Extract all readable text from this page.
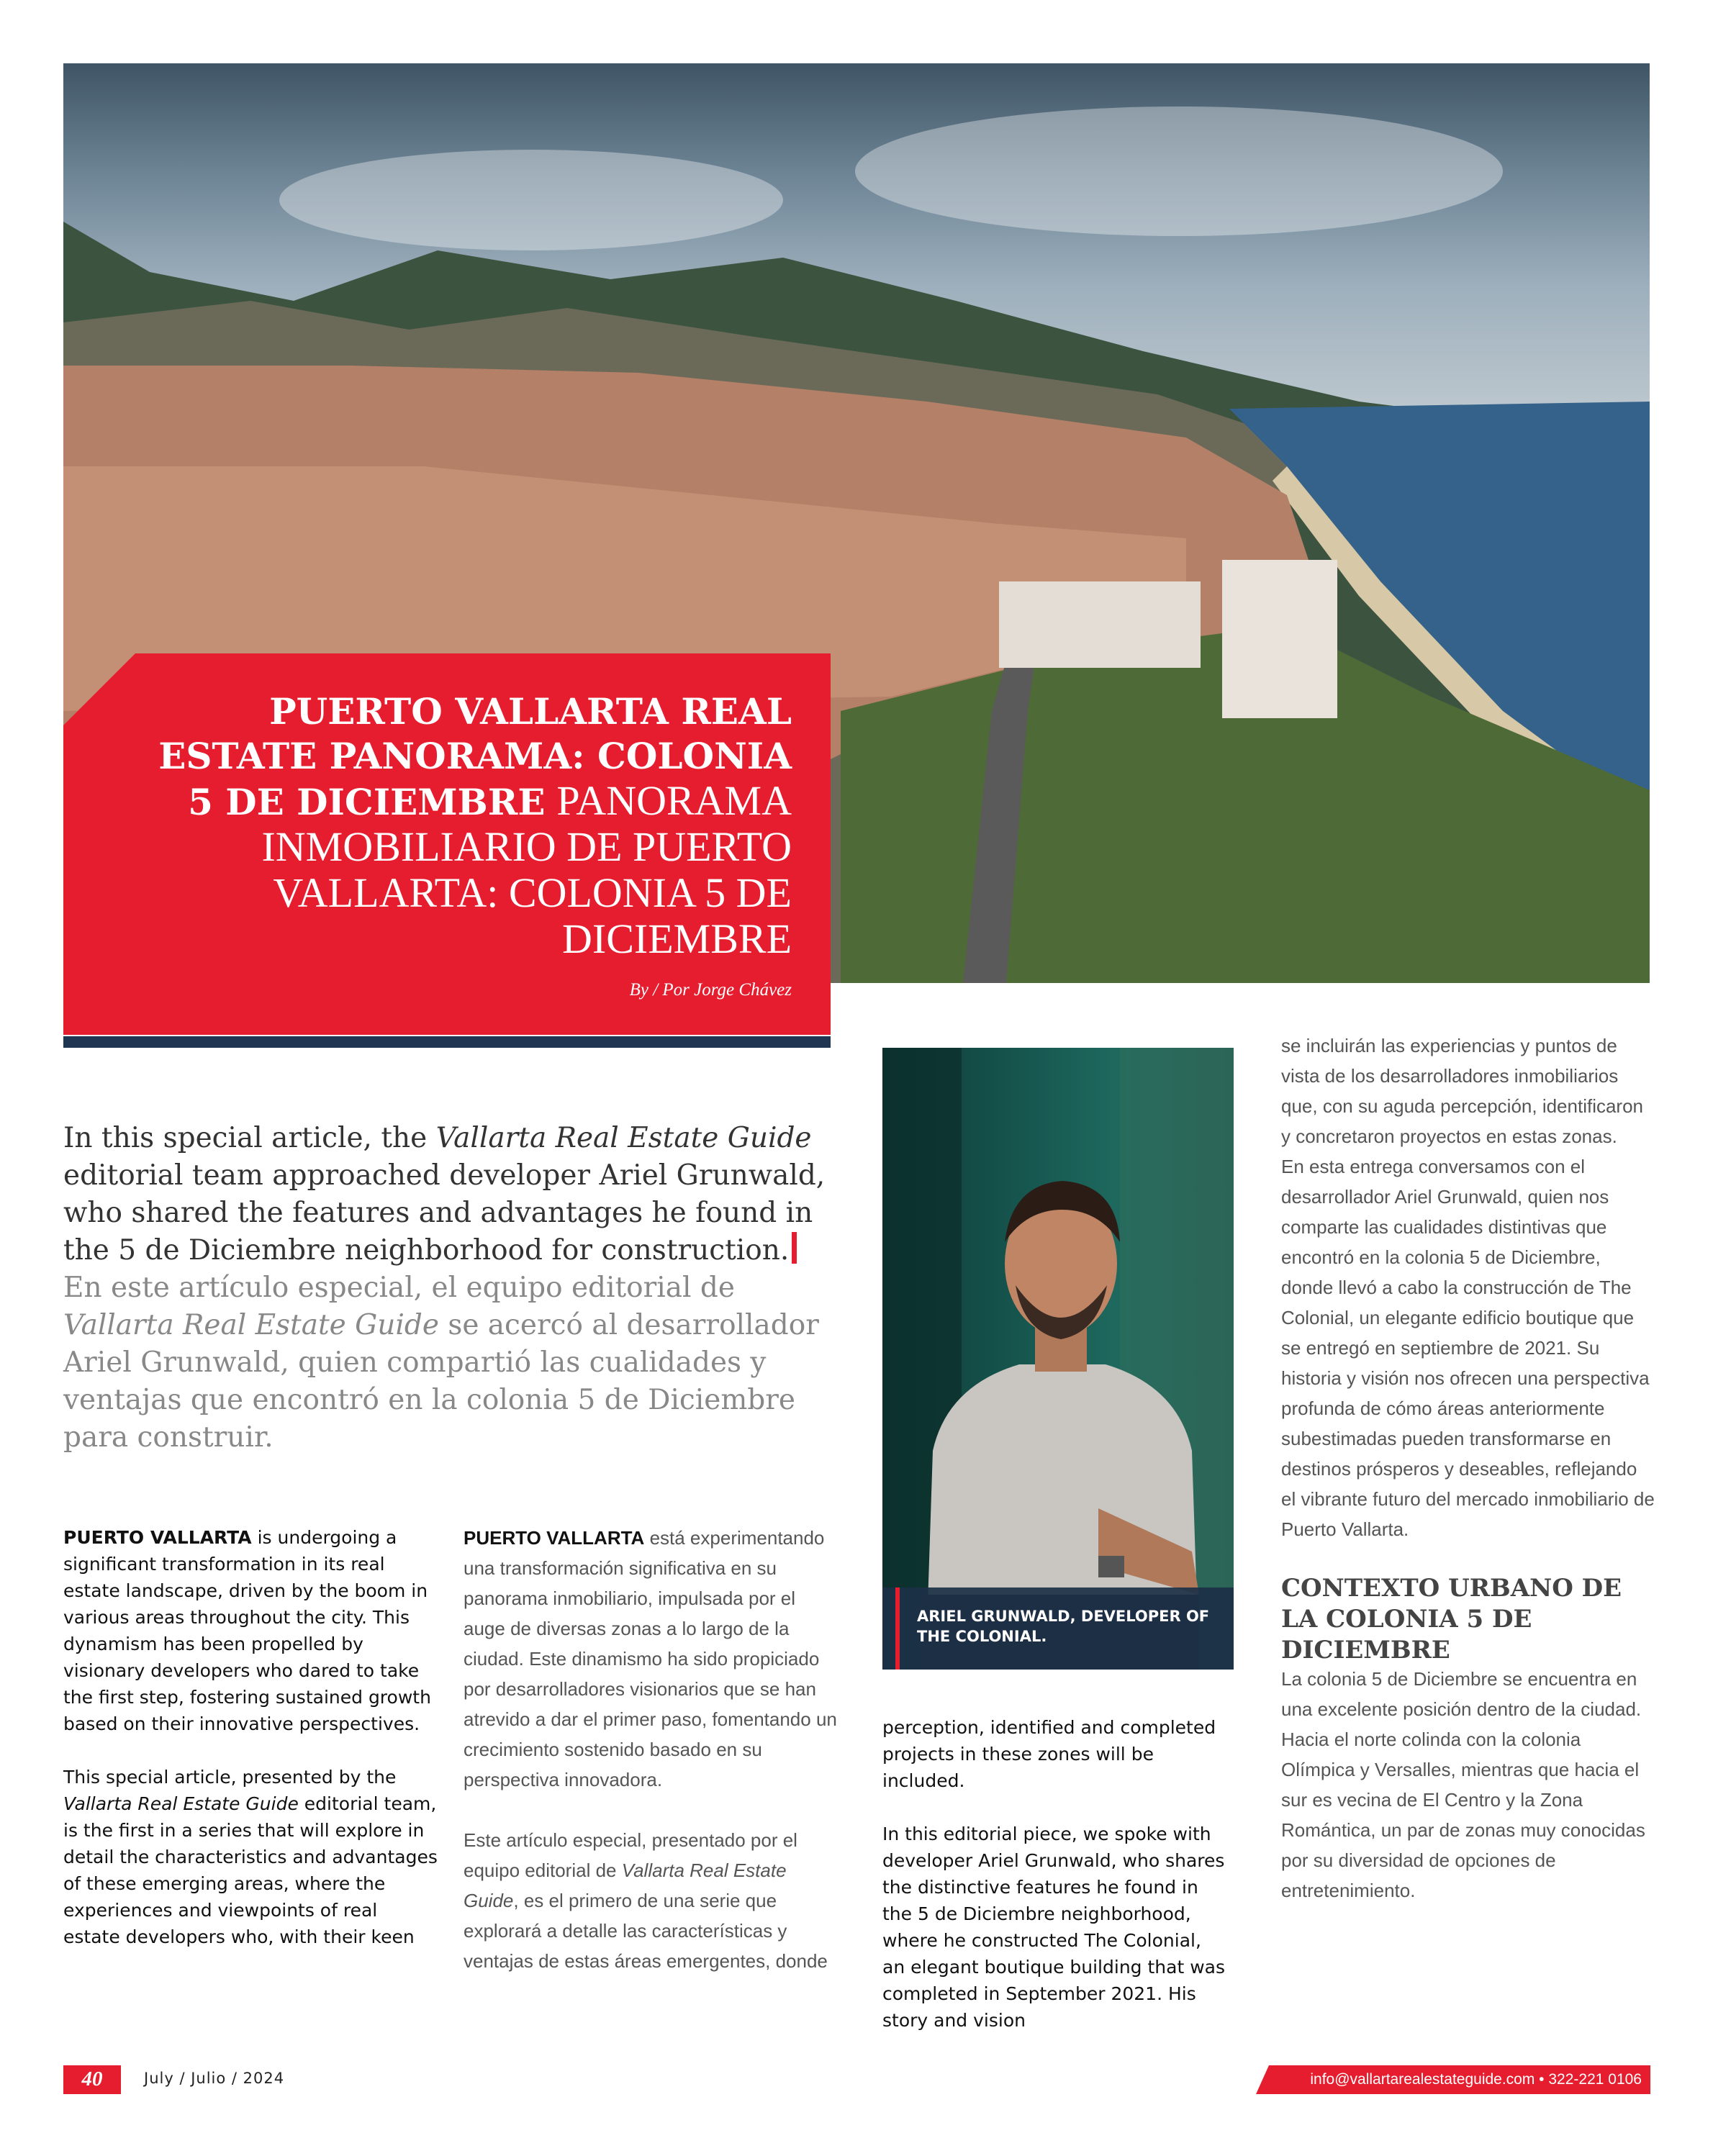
PUERTO VALLARTA REAL ESTATE PANORAMA: COLONIA 5 DE DICIEMBRE PANORAMA INMOBILIARIO DE PUERTO VALLARTA: COLONIA 5 DE DICIEMBRE
By / Por Jorge Chávez
In this special article, the Vallarta Real Estate Guide editorial team approached developer Ariel Grunwald, who shared the features and advantages he found in the 5 de Diciembre neighborhood for construction.En este artículo especial, el equipo editorial de Vallarta Real Estate Guide se acercó al desarrollador Ariel Grunwald, quien compartió las cualidades y ventajas que encontró en la colonia 5 de Diciembre para construir.

PUERTO VALLARTA is undergoing a significant transformation in its real estate landscape, driven by the boom in various areas throughout the city. This dynamism has been propelled by visionary developers who dared to take the first step, fostering sustained growth based on their innovative perspectives.

This special article, presented by the Vallarta Real Estate Guide editorial team, is the first in a series that will explore in detail the characteristics and advantages of these emerging areas, where the experiences and viewpoints of real estate developers who, with their keen

PUERTO VALLARTA está experimentando una transformación significativa en su panorama inmobiliario, impulsada por el auge de diversas zonas a lo largo de la ciudad. Este dinamismo ha sido propiciado por desarrolladores visionarios que se han atrevido a dar el primer paso, fomentando un crecimiento sostenido basado en su perspectiva innovadora.

Este artículo especial, presentado por el equipo editorial de Vallarta Real Estate Guide, es el primero de una serie que explorará a detalle las características y ventajas de estas áreas emergentes, donde

ARIEL GRUNWALD, DEVELOPER OF THE COLONIAL.

perception, identified and completed projects in these zones will be included.

In this editorial piece, we spoke with developer Ariel Grunwald, who shares the distinctive features he found in the 5 de Diciembre neighborhood, where he constructed The Colonial, an elegant boutique building that was completed in September 2021. His story and vision

se incluirán las experiencias y puntos de vista de los desarrolladores inmobiliarios que, con su aguda percepción, identificaron y concretaron proyectos en estas zonas.

En esta entrega conversamos con el desarrollador Ariel Grunwald, quien nos comparte las cualidades distintivas que encontró en la colonia 5 de Diciembre, donde llevó a cabo la construcción de The Colonial, un elegante edificio boutique que se entregó en septiembre de 2021. Su historia y visión nos ofrecen una perspectiva profunda de cómo áreas anteriormente subestimadas pueden transformarse en destinos prósperos y deseables, reflejando el vibrante futuro del mercado inmobiliario de Puerto Vallarta.

CONTEXTO URBANO DE LA COLONIA 5 DE DICIEMBRE

La colonia 5 de Diciembre se encuentra en una excelente posición dentro de la ciudad. Hacia el norte colinda con la colonia Olímpica y Versalles, mientras que hacia el sur es vecina de El Centro y la Zona Romántica, un par de zonas muy conocidas por su diversidad de opciones de entretenimiento.

40	July / Julio / 2024	info@vallartarealestateguide.com • 322-221 0106
